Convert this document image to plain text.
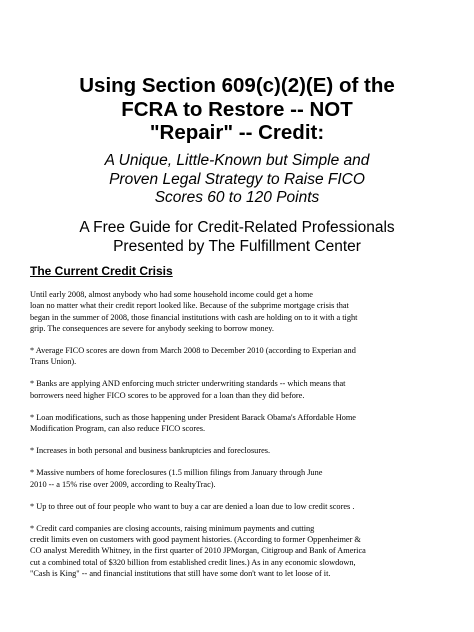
Using Section 609(c)(2)(E) of the
FCRA to Restore -- NOT
"Repair" -- Credit:
A Unique, Little-Known but Simple and
Proven Legal Strategy to Raise FICO
Scores 60 to 120 Points
A Free Guide for Credit-Related Professionals
Presented by The Fulfillment Center
The Current Credit Crisis
Until early 2008, almost anybody who had some household income could get a home
loan no matter what their credit report looked like. Because of the subprime mortgage crisis that
began in the summer of 2008, those financial institutions with cash are holding on to it with a tight
grip. The consequences are severe for anybody seeking to borrow money.
* Average FICO scores are down from March 2008 to December 2010 (according to Experian and
Trans Union).
* Banks are applying AND enforcing much stricter underwriting standards -- which means that
borrowers need higher FICO scores to be approved for a loan than they did before.
* Loan modifications, such as those happening under President Barack Obama's Affordable Home
Modification Program, can also reduce FICO scores.
* Increases in both personal and business bankruptcies and foreclosures.
* Massive numbers of home foreclosures (1.5 million filings from January through June
2010 -- a 15% rise over 2009, according to RealtyTrac).
* Up to three out of four people who want to buy a car are denied a loan due to low credit scores .
* Credit card companies are closing accounts, raising minimum payments and cutting
credit limits even on customers with good payment histories. (According to former Oppenheimer &
CO analyst Meredith Whitney, in the first quarter of 2010 JPMorgan, Citigroup and Bank of America
cut a combined total of $320 billion from established credit lines.) As in any economic slowdown,
"Cash is King" -- and financial institutions that still have some don't want to let loose of it.
